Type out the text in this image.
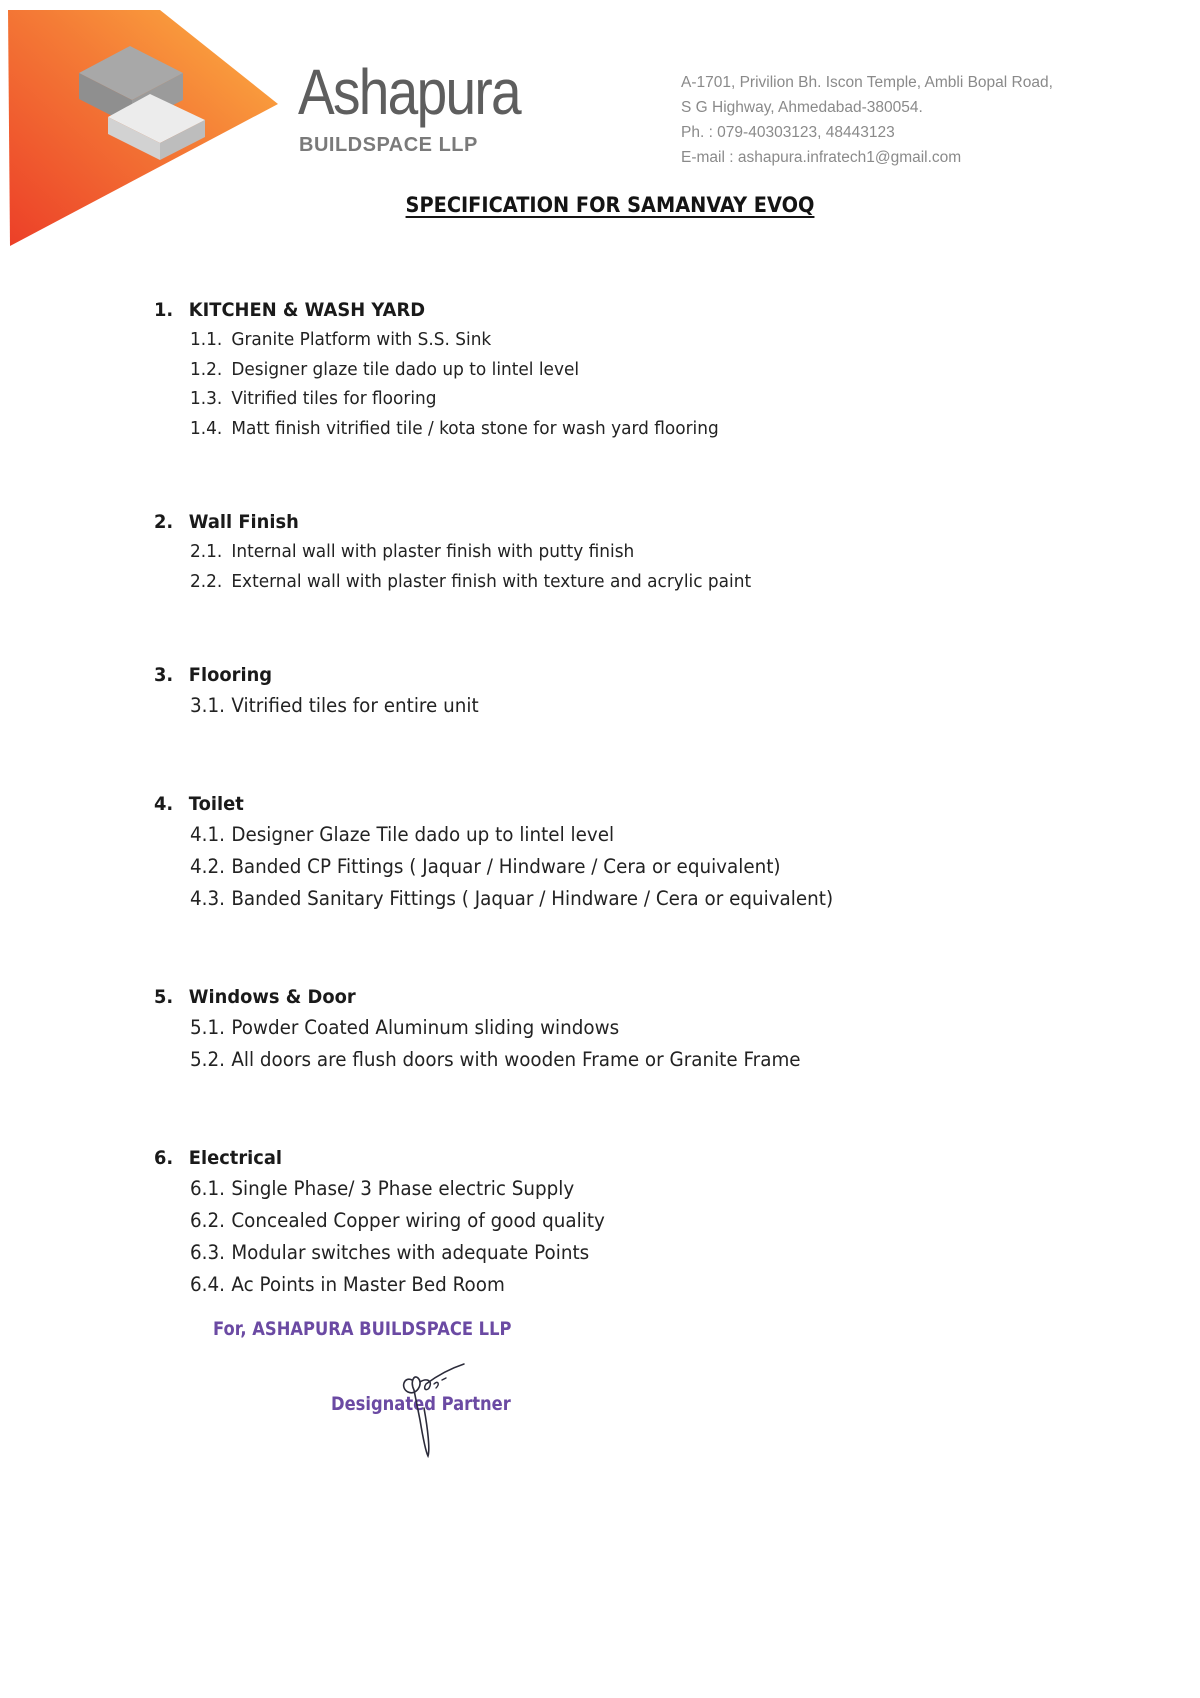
Ashapura
BUILDSPACE LLP
A-1701, Privilion Bh. Iscon Temple, Ambli Bopal Road,
S G Highway, Ahmedabad-380054.
Ph. : 079-40303123, 48443123
E-mail : ashapura.infratech1@gmail.com
SPECIFICATION FOR SAMANVAY EVOQ
1. KITCHEN & WASH YARD
1.1. Granite Platform with S.S. Sink
1.2. Designer glaze tile dado up to lintel level
1.3. Vitrified tiles for flooring
1.4. Matt finish vitrified tile / kota stone for wash yard flooring
2. Wall Finish
2.1. Internal wall with plaster finish with putty finish
2.2. External wall with plaster finish with texture and acrylic paint
3. Flooring
3.1. Vitrified tiles for entire unit
4. Toilet
4.1. Designer Glaze Tile dado up to lintel level
4.2. Banded CP Fittings ( Jaquar / Hindware / Cera or equivalent)
4.3. Banded Sanitary Fittings ( Jaquar / Hindware / Cera or equivalent)
5. Windows & Door
5.1. Powder Coated Aluminum sliding windows
5.2. All doors are flush doors with wooden Frame or Granite Frame
6. Electrical
6.1. Single Phase/ 3 Phase electric Supply
6.2. Concealed Copper wiring of good quality
6.3. Modular switches with adequate Points
6.4. Ac Points in Master Bed Room
For, ASHAPURA BUILDSPACE LLP
Designated Partner
